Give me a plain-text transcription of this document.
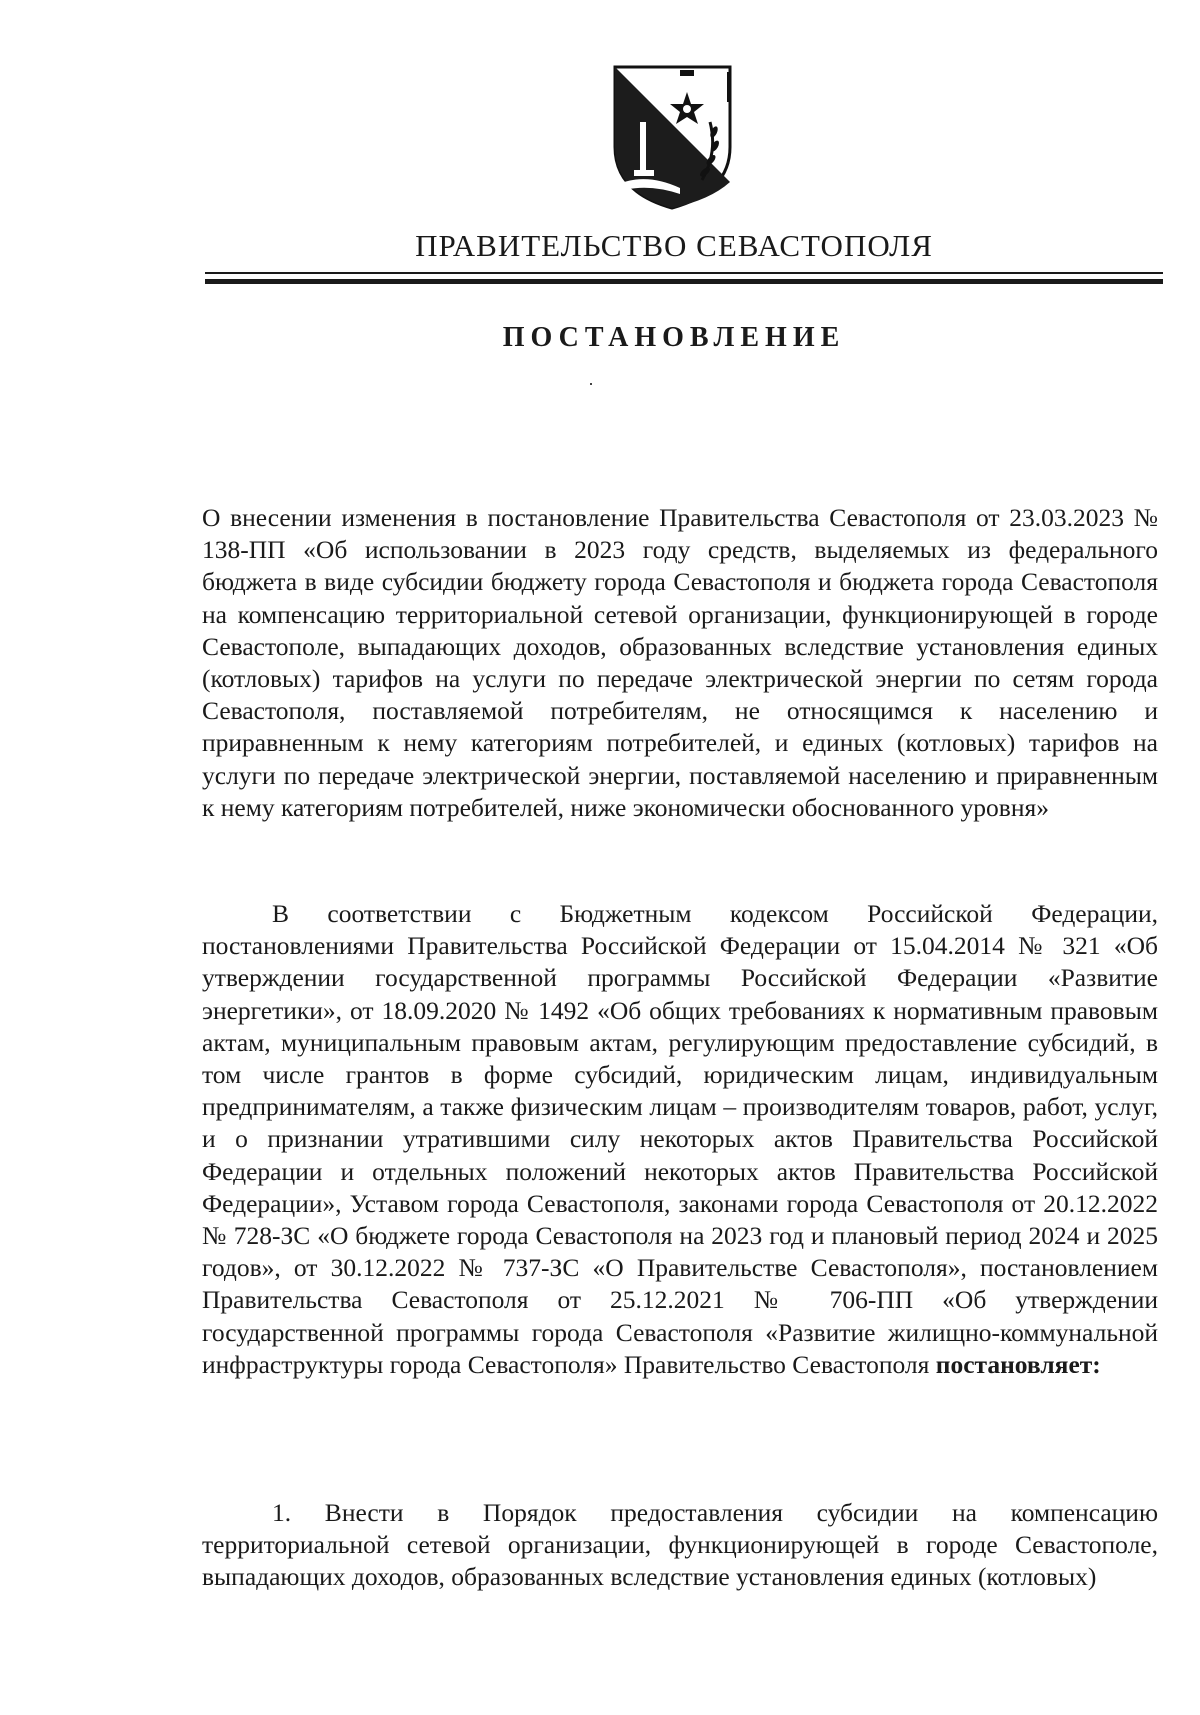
ПРАВИТЕЛЬСТВО СЕВАСТОПОЛЯ
ПОСТАНОВЛЕНИЕ
О внесении изменения в постановление Правительства Севастополя от 23.03.2023 № 138-ПП «Об использовании в 2023 году средств, выделяемых из федерального бюджета в виде субсидии бюджету города Севастополя и бюджета города Севастополя на компенсацию территориальной сетевой организации, функционирующей в городе Севастополе, выпадающих доходов, образованных вследствие установления единых (котловых) тарифов на услуги по передаче электрической энергии по сетям города Севастополя, поставляемой потребителям, не относящимся к населению и приравненным к нему категориям потребителей, и единых (котловых) тарифов на услуги по передаче электрической энергии, поставляемой населению и приравненным к нему категориям потребителей, ниже экономически обоснованного уровня»
В соответствии с Бюджетным кодексом Российской Федерации, постановлениями Правительства Российской Федерации от 15.04.2014 № 321 «Об утверждении государственной программы Российской Федерации «Развитие энергетики», от 18.09.2020 № 1492 «Об общих требованиях к нормативным правовым актам, муниципальным правовым актам, регулирующим предоставление субсидий, в том числе грантов в форме субсидий, юридическим лицам, индивидуальным предпринимателям, а также физическим лицам – производителям товаров, работ, услуг, и о признании утратившими силу некоторых актов Правительства Российской Федерации и отдельных положений некоторых актов Правительства Российской Федерации», Уставом города Севастополя, законами города Севастополя от 20.12.2022 № 728-ЗС «О бюджете города Севастополя на 2023 год и плановый период 2024 и 2025 годов», от 30.12.2022 № 737-ЗС «О Правительстве Севастополя», постановлением Правительства Севастополя от 25.12.2021 № 706-ПП «Об утверждении государственной программы города Севастополя «Развитие жилищно-коммунальной инфраструктуры города Севастополя» Правительство Севастополя постановляет:
1. Внести в Порядок предоставления субсидии на компенсацию территориальной сетевой организации, функционирующей в городе Севастополе, выпадающих доходов, образованных вследствие установления единых (котловых)
